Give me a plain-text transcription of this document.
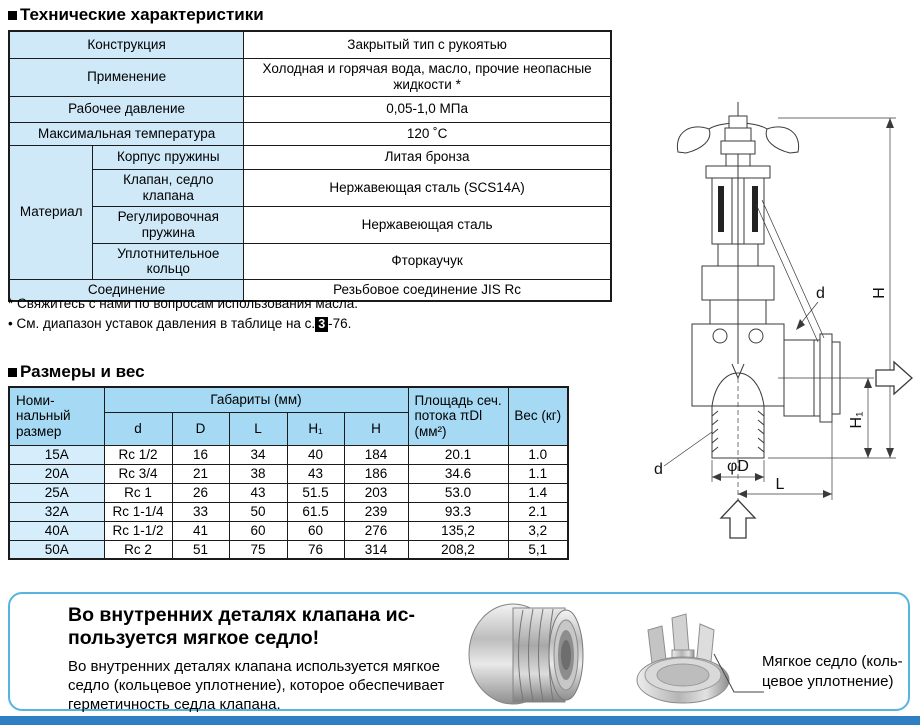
Технические характеристики
Конструкция		Закрытый тип с рукоятью
Применение		Холодная и горячая вода, масло, прочие неопасные жидкости *
Рабочее давление		0,05-1,0 МПа
Максимальная температура		120 ˚C
Материал	Корпус пружины	Литая бронза
	Клапан, седло клапана	Нержавеющая сталь (SCS14A)
	Регулировочная пружина	Нержавеющая сталь
	Уплотнительное кольцо	Фторкаучук
Соединение		Резьбовое соединение JIS Rc
* Свяжитесь с нами по вопросам использования масла.
• См. диапазон уставок давления в таблице на с. 3 -76.
Размеры и вес
Номи-нальный размер	Габариты (мм)					Площадь сеч. потока πDl (мм²)	Вес (кг)
	d	D	L	H₁	H		
15A	Rc 1/2	16	34	40	184	20.1	1.0
20A	Rc 3/4	21	38	43	186	34.6	1.1
25A	Rc 1	26	43	51.5	203	53.0	1.4
32A	Rc 1-1/4	33	50	61.5	239	93.3	2.1
40A	Rc 1-1/2	41	60	60	276	135,2	3,2
50A	Rc 2	51	75	76	314	208,2	5,1
H
H₁
φD
L
d
d
Во внутренних деталях клапана ис-
пользуется мягкое седло!
Во внутренних деталях клапана используется мягкое седло (кольцевое уплотнение), которое обеспечивает герметичность седла клапана.
Мягкое седло (коль-
цевое уплотнение)
